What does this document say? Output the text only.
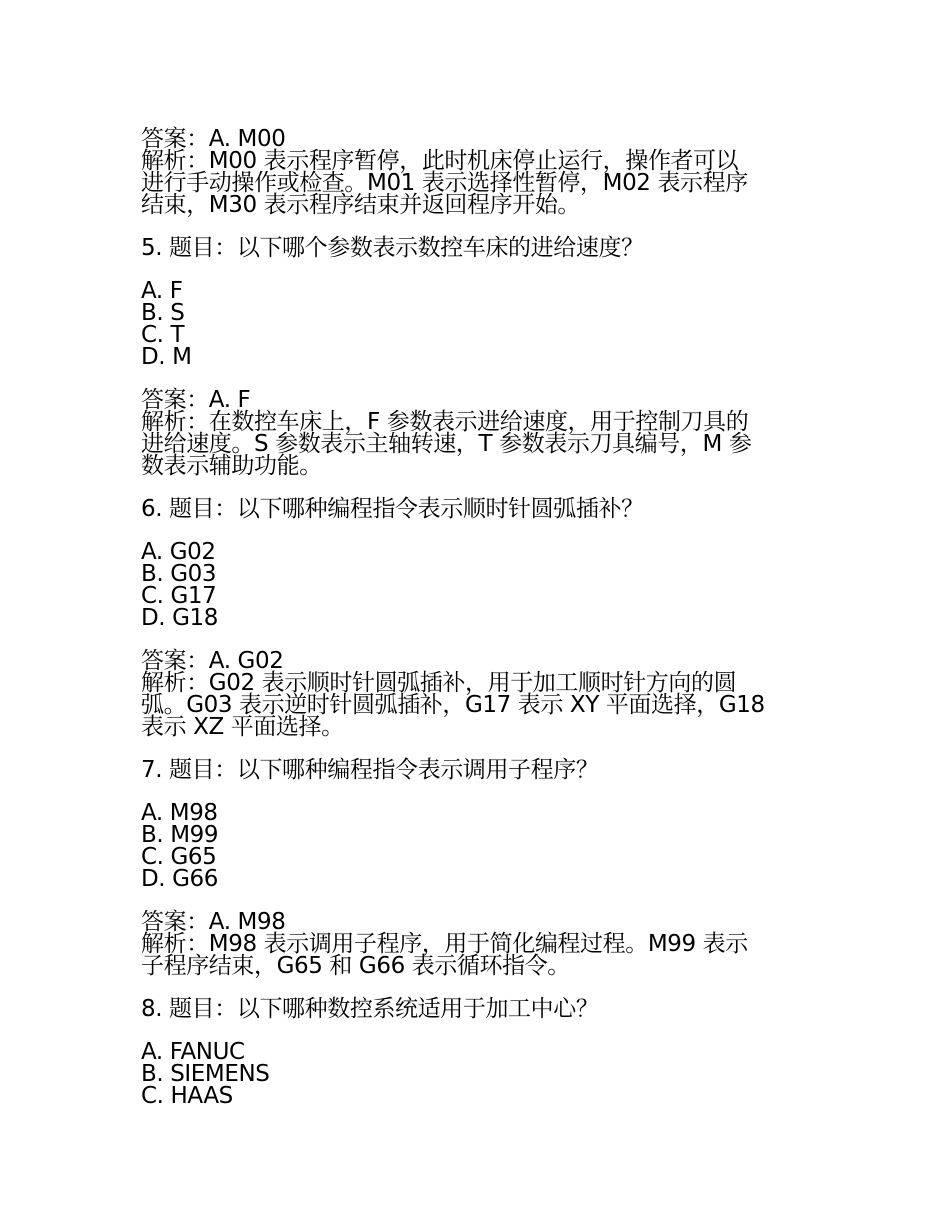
答案：A. M00
解析：M00 表示程序暂停，此时机床停止运行，操作者可以
进行手动操作或检查。M01 表示选择性暂停，M02 表示程序
结束，M30 表示程序结束并返回程序开始。
5. 题目：以下哪个参数表示数控车床的进给速度？
A. F
B. S
C. T
D. M
答案：A. F
解析：在数控车床上，F 参数表示进给速度，用于控制刀具的
进给速度。S 参数表示主轴转速，T 参数表示刀具编号，M 参
数表示辅助功能。
6. 题目：以下哪种编程指令表示顺时针圆弧插补？
A. G02
B. G03
C. G17
D. G18
答案：A. G02
解析：G02 表示顺时针圆弧插补，用于加工顺时针方向的圆
弧。G03 表示逆时针圆弧插补，G17 表示 XY 平面选择，G18
表示 XZ 平面选择。
7. 题目：以下哪种编程指令表示调用子程序？
A. M98
B. M99
C. G65
D. G66
答案：A. M98
解析：M98 表示调用子程序，用于简化编程过程。M99 表示
子程序结束，G65 和 G66 表示循环指令。
8. 题目：以下哪种数控系统适用于加工中心？
A. FANUC
B. SIEMENS
C. HAAS
